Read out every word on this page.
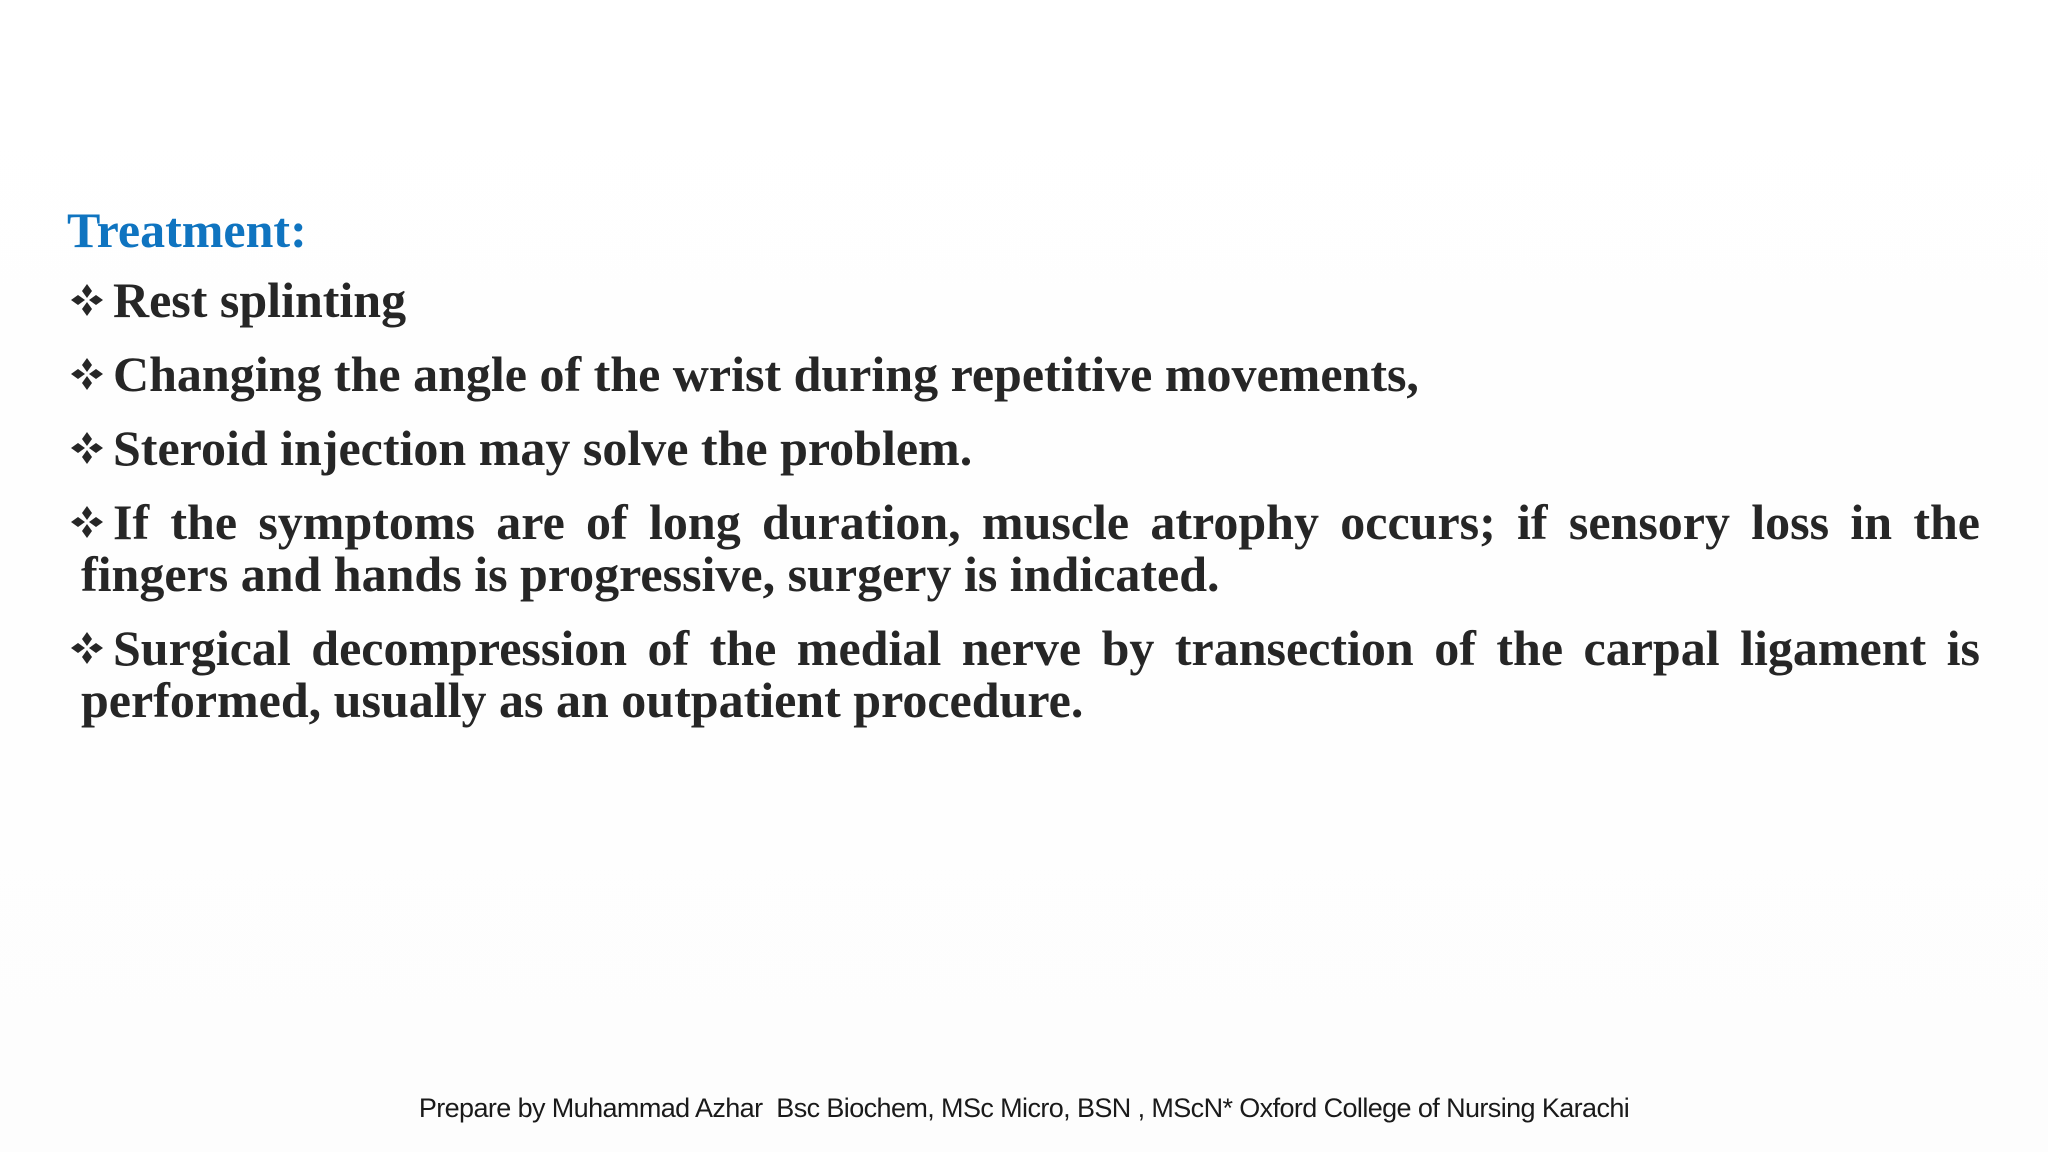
Treatment:
Rest splinting
Changing the angle of the wrist during repetitive movements,
Steroid injection may solve the problem.
If the symptoms are of long duration, muscle atrophy occurs; if sensory loss in the fingers and hands is progressive, surgery is indicated.
Surgical decompression of the medial nerve by transection of the carpal ligament is performed, usually as an outpatient procedure.
Prepare by Muhammad Azhar  Bsc Biochem, MSc Micro, BSN , MScN* Oxford College of Nursing Karachi
